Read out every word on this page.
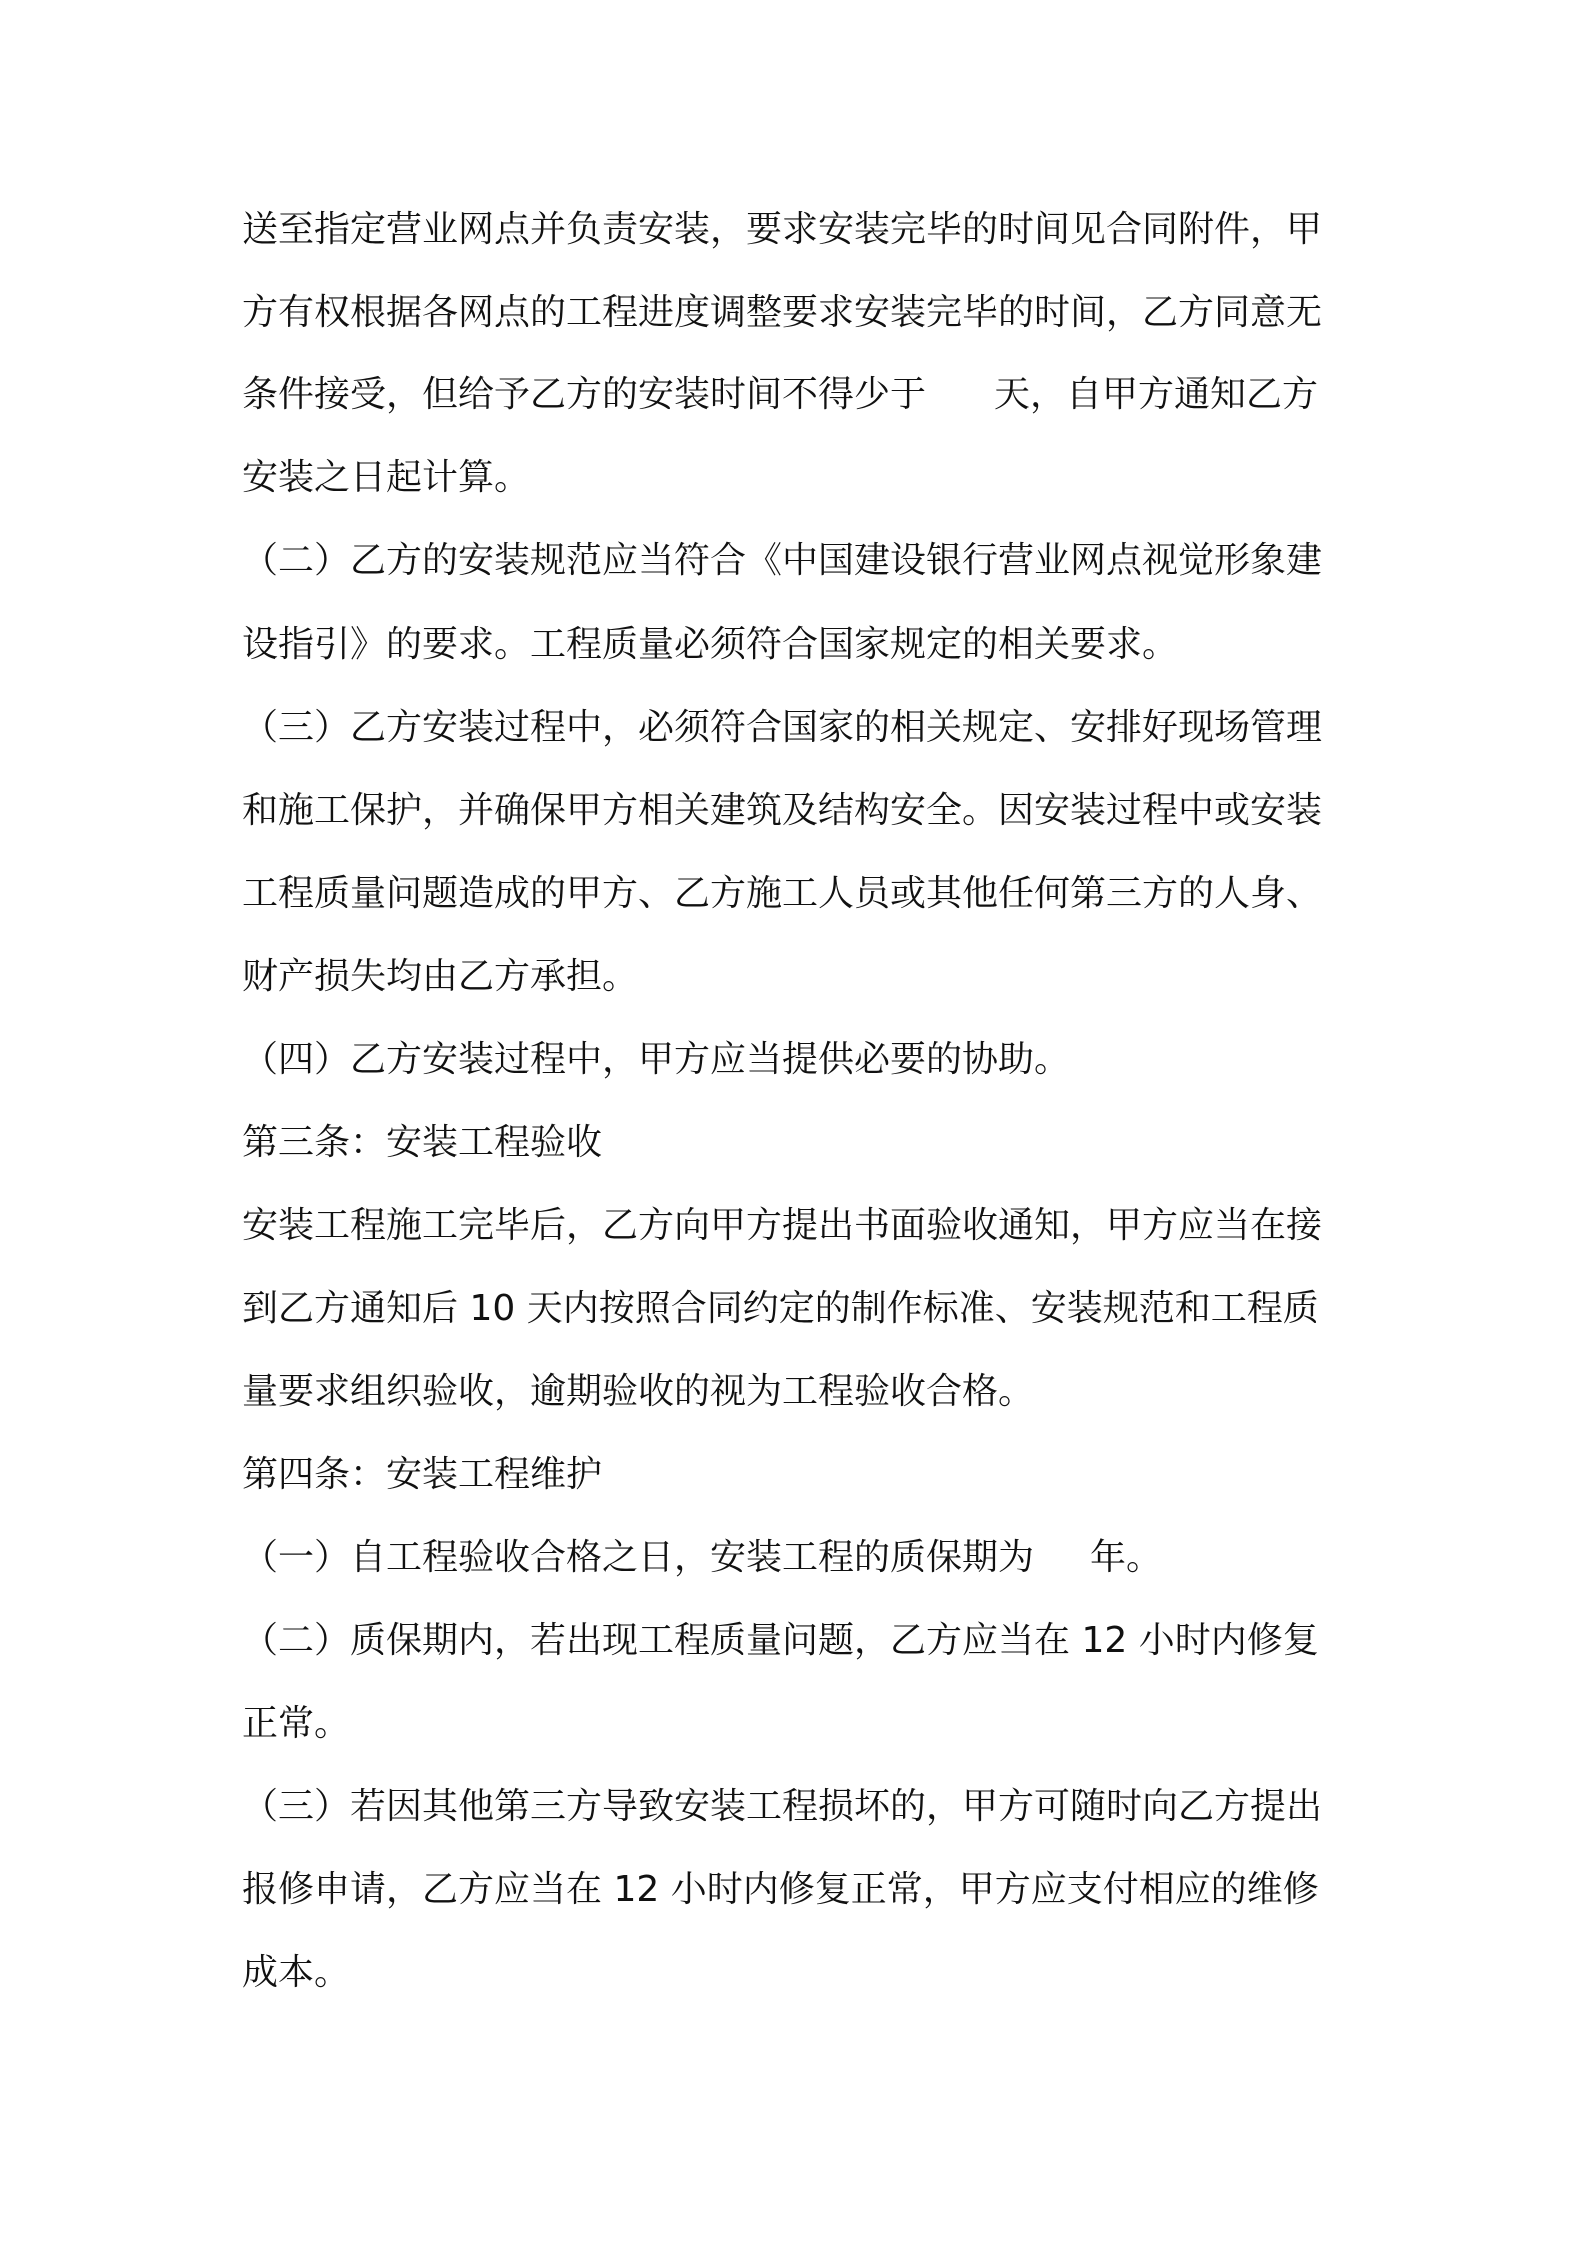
送至指定营业网点并负责安装，要求安装完毕的时间见合同附件，甲
方有权根据各网点的工程进度调整要求安装完毕的时间，乙方同意无
条件接受，但给予乙方的安装时间不得少于 天，自甲方通知乙方
安装之日起计算。
（二）乙方的安装规范应当符合《中国建设银行营业网点视觉形象建
设指引》的要求。工程质量必须符合国家规定的相关要求。
（三）乙方安装过程中，必须符合国家的相关规定、安排好现场管理
和施工保护，并确保甲方相关建筑及结构安全。因安装过程中或安装
工程质量问题造成的甲方、乙方施工人员或其他任何第三方的人身、
财产损失均由乙方承担。
（四）乙方安装过程中，甲方应当提供必要的协助。
第三条：安装工程验收
安装工程施工完毕后，乙方向甲方提出书面验收通知，甲方应当在接
到乙方通知后 10 天内按照合同约定的制作标准、安装规范和工程质
量要求组织验收，逾期验收的视为工程验收合格。
第四条：安装工程维护
（一）自工程验收合格之日，安装工程的质保期为 年。
（二）质保期内，若出现工程质量问题，乙方应当在 12 小时内修复
正常。
（三）若因其他第三方导致安装工程损坏的，甲方可随时向乙方提出
报修申请，乙方应当在 12 小时内修复正常，甲方应支付相应的维修
成本。
